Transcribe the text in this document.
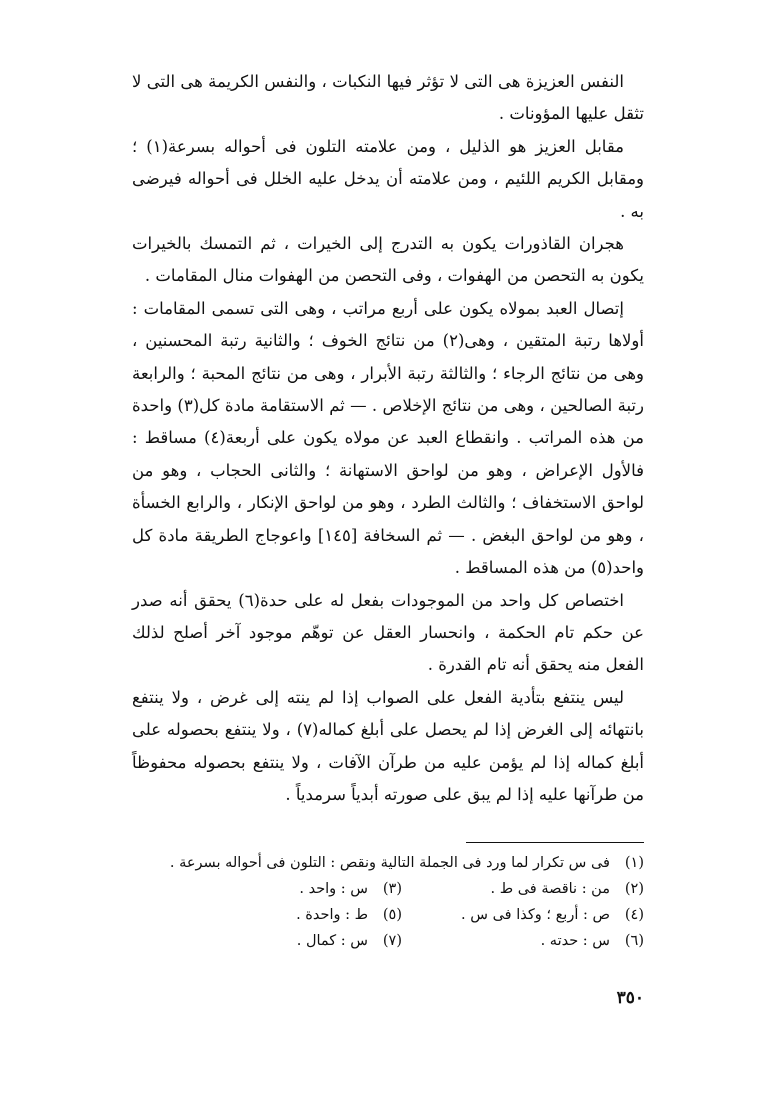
النفس العزيزة هى التى لا تؤثر فيها النكبات ، والنفس الكريمة هى التى لا تثقل عليها المؤونات .

مقابل العزيز هو الذليل ، ومن علامته التلون فى أحواله بسرعة(١) ؛ ومقابل الكريم اللئيم ، ومن علامته أن يدخل عليه الخلل فى أحواله فيرضى به .

هجران القاذورات يكون به التدرج إلى الخيرات ، ثم التمسك بالخيرات يكون به التحصن من الهفوات ، وفى التحصن من الهفوات منال المقامات .

إتصال العبد بمولاه يكون على أربع مراتب ، وهى التى تسمى المقامات : أولاها رتبة المتقين ، وهى(٢) من نتائج الخوف ؛ والثانية رتبة المحسنين ، وهى من نتائج الرجاء ؛ والثالثة رتبة الأبرار ، وهى من نتائج المحبة ؛ والرابعة رتبة الصالحين ، وهى من نتائج الإخلاص . — ثم الاستقامة مادة كل(٣) واحدة من هذه المراتب . وانقطاع العبد عن مولاه يكون على أربعة(٤) مساقط : فالأول الإعراض ، وهو من لواحق الاستهانة ؛ والثانى الحجاب ، وهو من لواحق الاستخفاف ؛ والثالث الطرد ، وهو من لواحق الإنكار ، والرابع الخسأة ، وهو من لواحق البغض . — ثم السخافة [١٤٥] واعوجاج الطريقة مادة كل واحد(٥) من هذه المساقط .

اختصاص كل واحد من الموجودات بفعل له على حدة(٦) يحقق أنه صدر عن حكم تام الحكمة ، وانحسار العقل عن توهّم موجود آخر أصلح لذلك الفعل منه يحقق أنه تام القدرة .

ليس ينتفع بتأدية الفعل على الصواب إذا لم ينته إلى غرض ، ولا ينتفع بانتهائه إلى الغرض إذا لم يحصل على أبلغ كماله(٧) ، ولا ينتفع بحصوله على أبلغ كماله إذا لم يؤمن عليه من طرآن الآفات ، ولا ينتفع بحصوله محفوظاً من طرآنها عليه إذا لم يبق على صورته أبدياً سرمدياً .

(١)
فى س تكرار لما ورد فى الجملة التالية ونقص : التلون فى أحواله بسرعة .
(٢)
من : ناقصة فى ط .
(٣)
س : واحد .
(٤)
ص : أربع ؛ وكذا فى س .
(٥)
ط : واحدة .
(٦)
س : حدته .
(٧)
س : كمال .
٣٥٠
